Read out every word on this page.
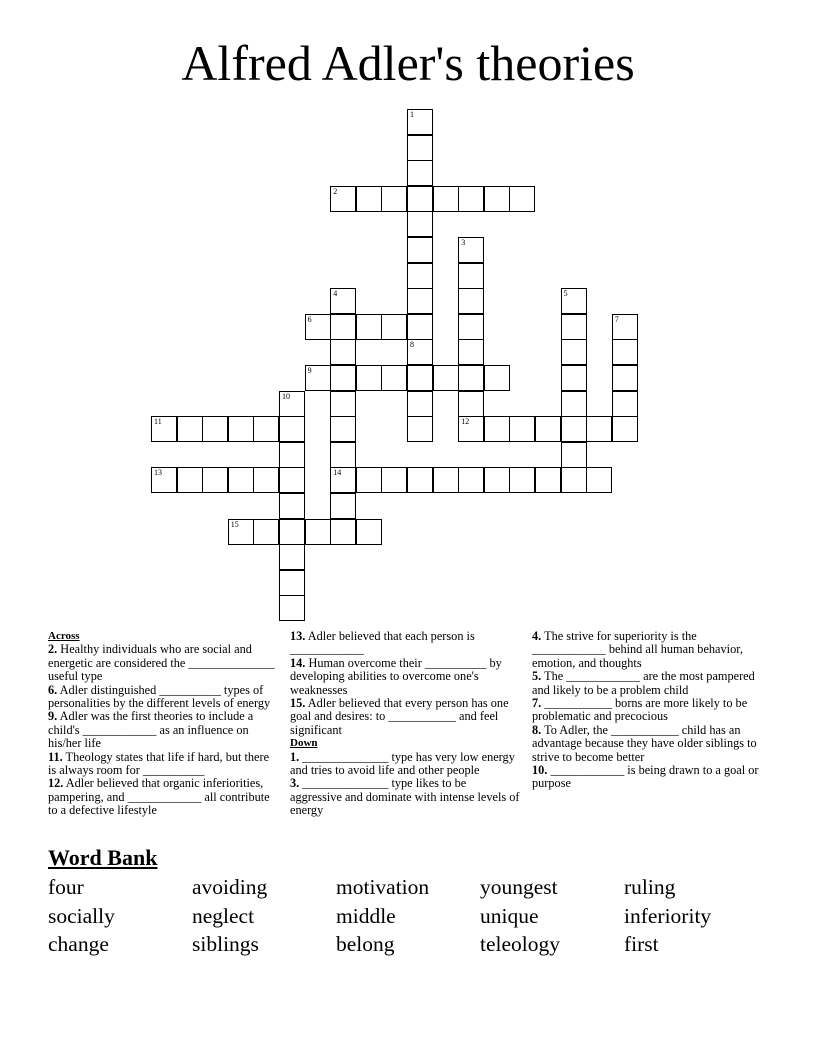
Alfred Adler's theories
1
8
2
3
4
14
5
6	7
9
10
11	12
13
15
Across
2. Healthy individuals who are social and energetic are considered the ______________ useful type
6. Adler distinguished __________ types of personalities by the different levels of energy
9. Adler was the first theories to include a child's ____________ as an influence on his/her life
11. Theology states that life if hard, but there is always room for __________
12. Adler believed that organic inferiorities, pampering, and ____________ all contribute to a defective lifestyle
13. Adler believed that each person is ____________
14. Human overcome their __________ by developing abilities to overcome one's weaknesses
15. Adler believed that every person has one goal and desires: to ___________ and feel significant
Down
1. ______________ type has very low energy and tries to avoid life and other people
3. ______________ type likes to be aggressive and dominate with intense levels of energy
4. The strive for superiority is the ____________ behind all human behavior, emotion, and thoughts
5. The ____________ are the most pampered and likely to be a problem child
7. ___________ borns are more likely to be problematic and precocious
8. To Adler, the ___________ child has an advantage because they have older siblings to strive to become better
10. ____________ is being drawn to a goal or purpose
Word Bank
four	avoiding	motivation youngest	ruling
socially	neglect	middle	unique	inferiority
change	siblings	belong	teleology	first
